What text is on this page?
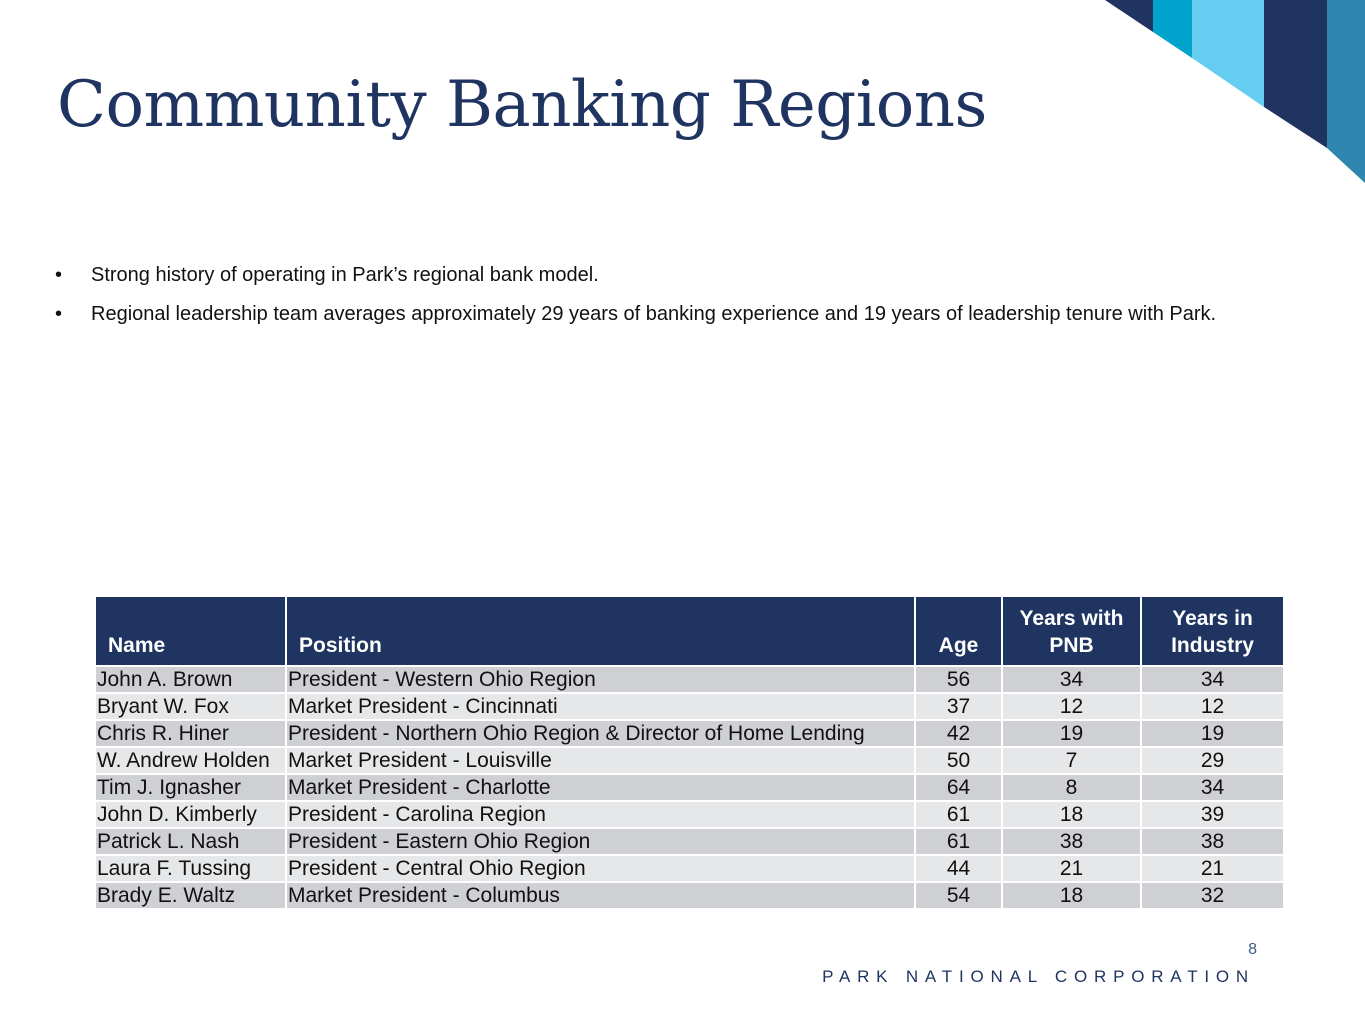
Community Banking Regions
• Strong history of operating in Park’s regional bank model.
• Regional leadership team averages approximately 29 years of banking experience and 19 years of leadership tenure with Park.
Name	Position	Age	Years with PNB	Years in Industry
John A. Brown	President - Western Ohio Region	56	34	34
Bryant W. Fox	Market President - Cincinnati	37	12	12
Chris R. Hiner	President - Northern Ohio Region & Director of Home Lending	42	19	19
W. Andrew Holden	Market President - Louisville	50	7	29
Tim J. Ignasher	Market President - Charlotte	64	8	34
John D. Kimberly	President - Carolina Region	61	18	39
Patrick L. Nash	President - Eastern Ohio Region	61	38	38
Laura F. Tussing	President - Central Ohio Region	44	21	21
Brady E. Waltz	Market President - Columbus	54	18	32
8
PARK NATIONAL CORPORATION
